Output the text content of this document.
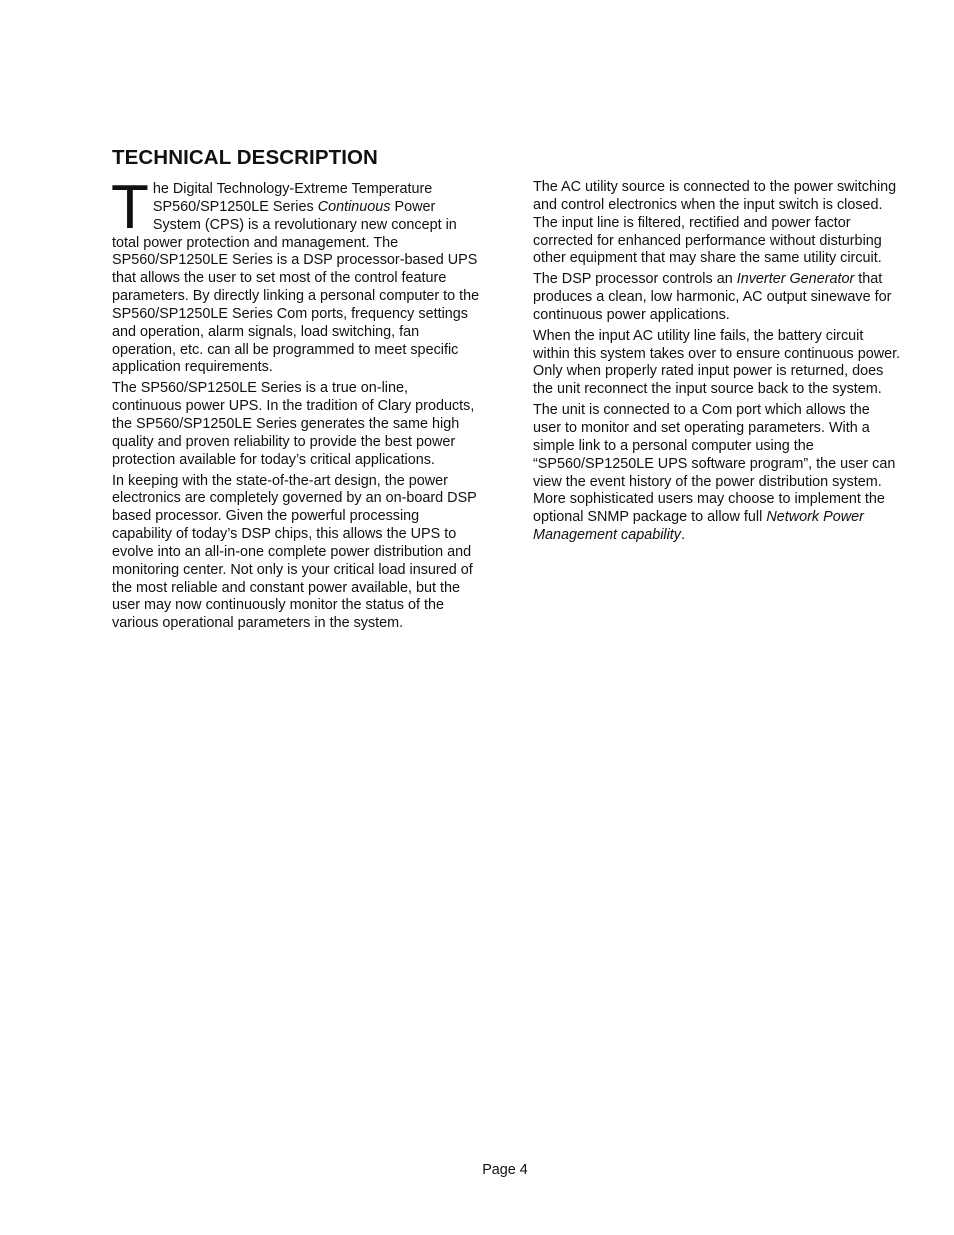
TECHNICAL DESCRIPTION

The Digital Technology-Extreme Temperature SP560/SP1250LE Series Continuous Power System (CPS) is a revolutionary new concept in total power protection and management. The SP560/SP1250LE Series is a DSP processor-based UPS that allows the user to set most of the control feature parameters. By directly linking a personal computer to the SP560/SP1250LE Series Com ports, frequency settings and operation, alarm signals, load switching, fan operation, etc. can all be programmed to meet specific application requirements.

The SP560/SP1250LE Series is a true on-line, continuous power UPS. In the tradition of Clary products, the SP560/SP1250LE Series generates the same high quality and proven reliability to provide the best power protection available for today’s critical applications.

In keeping with the state-of-the-art design, the power electronics are completely governed by an on-board DSP based processor. Given the powerful processing capability of today’s DSP chips, this allows the UPS to evolve into an all-in-one complete power distribution and monitoring center. Not only is your critical load insured of the most reliable and constant power available, but the user may now continuously monitor the status of the various operational parameters in the system.

The AC utility source is connected to the power switching and control electronics when the input switch is closed. The input line is filtered, rectified and power factor corrected for enhanced performance without disturbing other equipment that may share the same utility circuit.

The DSP processor controls an Inverter Generator that produces a clean, low harmonic, AC output sinewave for continuous power applications.

When the input AC utility line fails, the battery circuit within this system takes over to ensure continuous power. Only when properly rated input power is returned, does the unit reconnect the input source back to the system.

The unit is connected to a Com port which allows the user to monitor and set operating parameters. With a simple link to a personal computer using the “SP560/SP1250LE UPS software program”, the user can view the event history of the power distribution system. More sophisticated users may choose to implement the optional SNMP package to allow full Network Power Management capability.

Page 4
